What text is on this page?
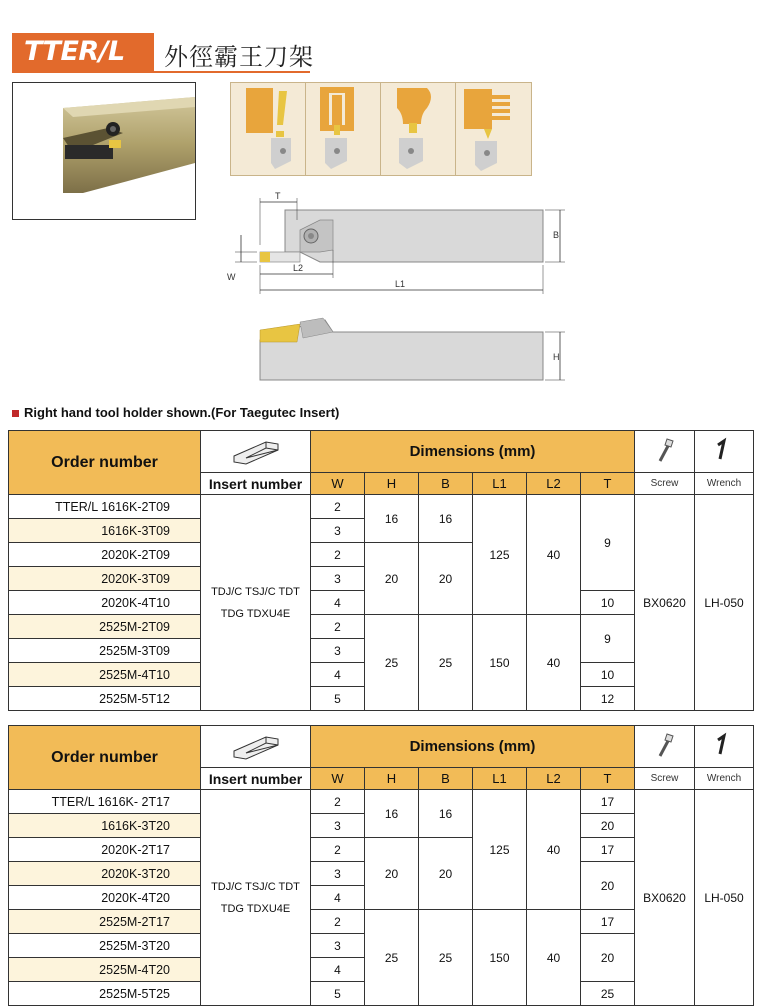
TTER/L	外徑霸王刀架
T
W
L2
L1
B
H
Right hand tool holder shown.(For Taegutec Insert)
Order number		Dimensions (mm)		
	Insert number	W	H	B	L1	L2	T	Screw	Wrench
TTER/L 1616K-2T09	TDJ/C TSJ/C TDT
TDG TDXU4E	2	16	16	125	40	9	BX0620	LH-050
1616K-3T09		3							
2020K-2T09		2	20	20					
2020K-3T09		3							
2020K-4T10		4					10		
2525M-2T09		2	25	25	150	40	9		
2525M-3T09		3							
2525M-4T10		4					10		
2525M-5T12		5					12		
Order number		Dimensions (mm)		
	Insert number	W	H	B	L1	L2	T	Screw	Wrench
TTER/L 1616K- 2T17	TDJ/C TSJ/C TDT
TDG TDXU4E	2	16	16	125	40	17	BX0620	LH-050
1616K-3T20		3					20		
2020K-2T17		2	20	20			17		
2020K-3T20		3					20		
2020K-4T20		4							
2525M-2T17		2	25	25	150	40	17		
2525M-3T20		3					20		
2525M-4T20		4							
2525M-5T25		5					25		
